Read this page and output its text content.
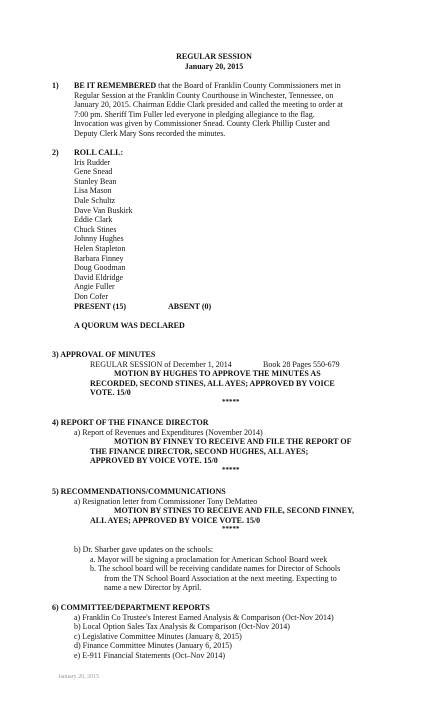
REGULAR SESSION
January 20, 2015
1) BE IT REMEMBERED that the Board of Franklin County Commissioners met in
Regular Session at the Franklin County Courthouse in Winchester, Tennessee, on
January 20, 2015. Chairman Eddie Clark presided and called the meeting to order at
7:00 pm. Sheriff Tim Fuller led everyone in pledging allegiance to the flag.
Invocation was given by Commissioner Snead. County Clerk Phillip Custer and
Deputy Clerk Mary Sons recorded the minutes.
2) ROLL CALL:
Iris Rudder
Gene Snead
Stanley Bean
Lisa Mason
Dale Schultz
Dave Van Buskirk
Eddie Clark
Chuck Stines
Johnny Hughes
Helen Stapleton
Barbara Finney
Doug Goodman
David Eldridge
Angie Fuller
Don Cofer
PRESENT (15)	ABSENT (0)
A QUORUM WAS DECLARED
3) APPROVAL OF MINUTES
REGULAR SESSION of December 1, 2014	Book 28 Pages 550-679
MOTION BY HUGHES TO APPROVE THE MINUTES AS
RECORDED, SECOND STINES, ALL AYES; APPROVED BY VOICE
VOTE. 15/0
*****
4) REPORT OF THE FINANCE DIRECTOR
a) Report of Revenues and Expenditures (November 2014)
MOTION BY FINNEY TO RECEIVE AND FILE THE REPORT OF
THE FINANCE DIRECTOR, SECOND HUGHES, ALL AYES;
APPROVED BY VOICE VOTE. 15/0
*****
5) RECOMMENDATIONS/COMMUNICATIONS
a) Resignation letter from Commissioner Tony DeMatteo
MOTION BY STINES TO RECEIVE AND FILE, SECOND FINNEY,
ALL AYES; APPROVED BY VOICE VOTE. 15/0
*****
b) Dr. Sharber gave updates on the schools:
a. Mayor will be signing a proclamation for American School Board week
b. The school board will be receiving candidate names for Director of Schools
from the TN School Board Association at the next meeting. Expecting to
name a new Director by April.
6) COMMITTEE/DEPARTMENT REPORTS
a) Franklin Co Trustee's Interest Earned Analysis & Comparison (Oct-Nov 2014)
b) Local Option Sales Tax Analysis & Comparison (Oct-Nov 2014)
c) Legislative Committee Minutes (January 8, 2015)
d) Finance Committee Minutes (January 6, 2015)
e) E-911 Financial Statements (Oct–Nov 2014)
January 20, 2015
